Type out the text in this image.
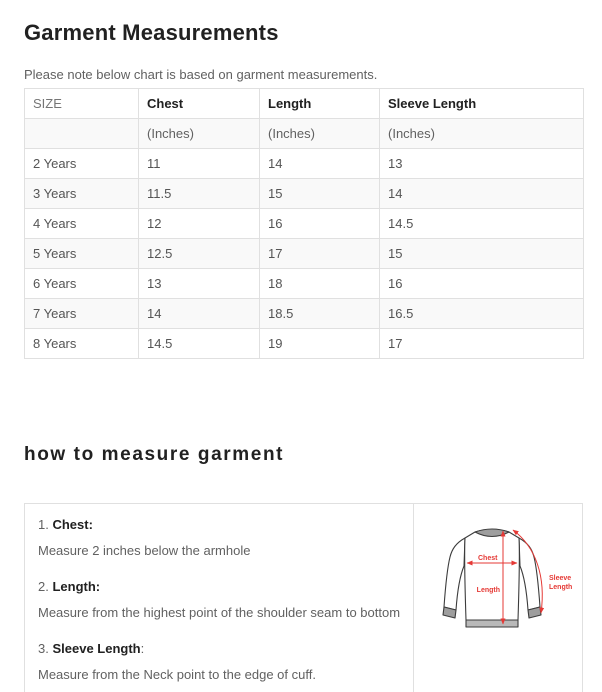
Garment Measurements

Please note below chart is based on garment measurements.

SIZE	Chest	Length	Sleeve Length
	(Inches)	(Inches)	(Inches)
2 Years	11	14	13
3 Years	11.5	15	14
4 Years	12	16	14.5
5 Years	12.5	17	15
6 Years	13	18	16
7 Years	14	18.5	16.5
8 Years	14.5	19	17
how to measure garment
1. Chest:
Measure 2 inches below the armhole
2. Length:
Measure from the highest point of the shoulder seam to bottom
3. Sleeve Length:
Measure from the Neck point to the edge of cuff.
Chest
Length
Sleeve
Length
